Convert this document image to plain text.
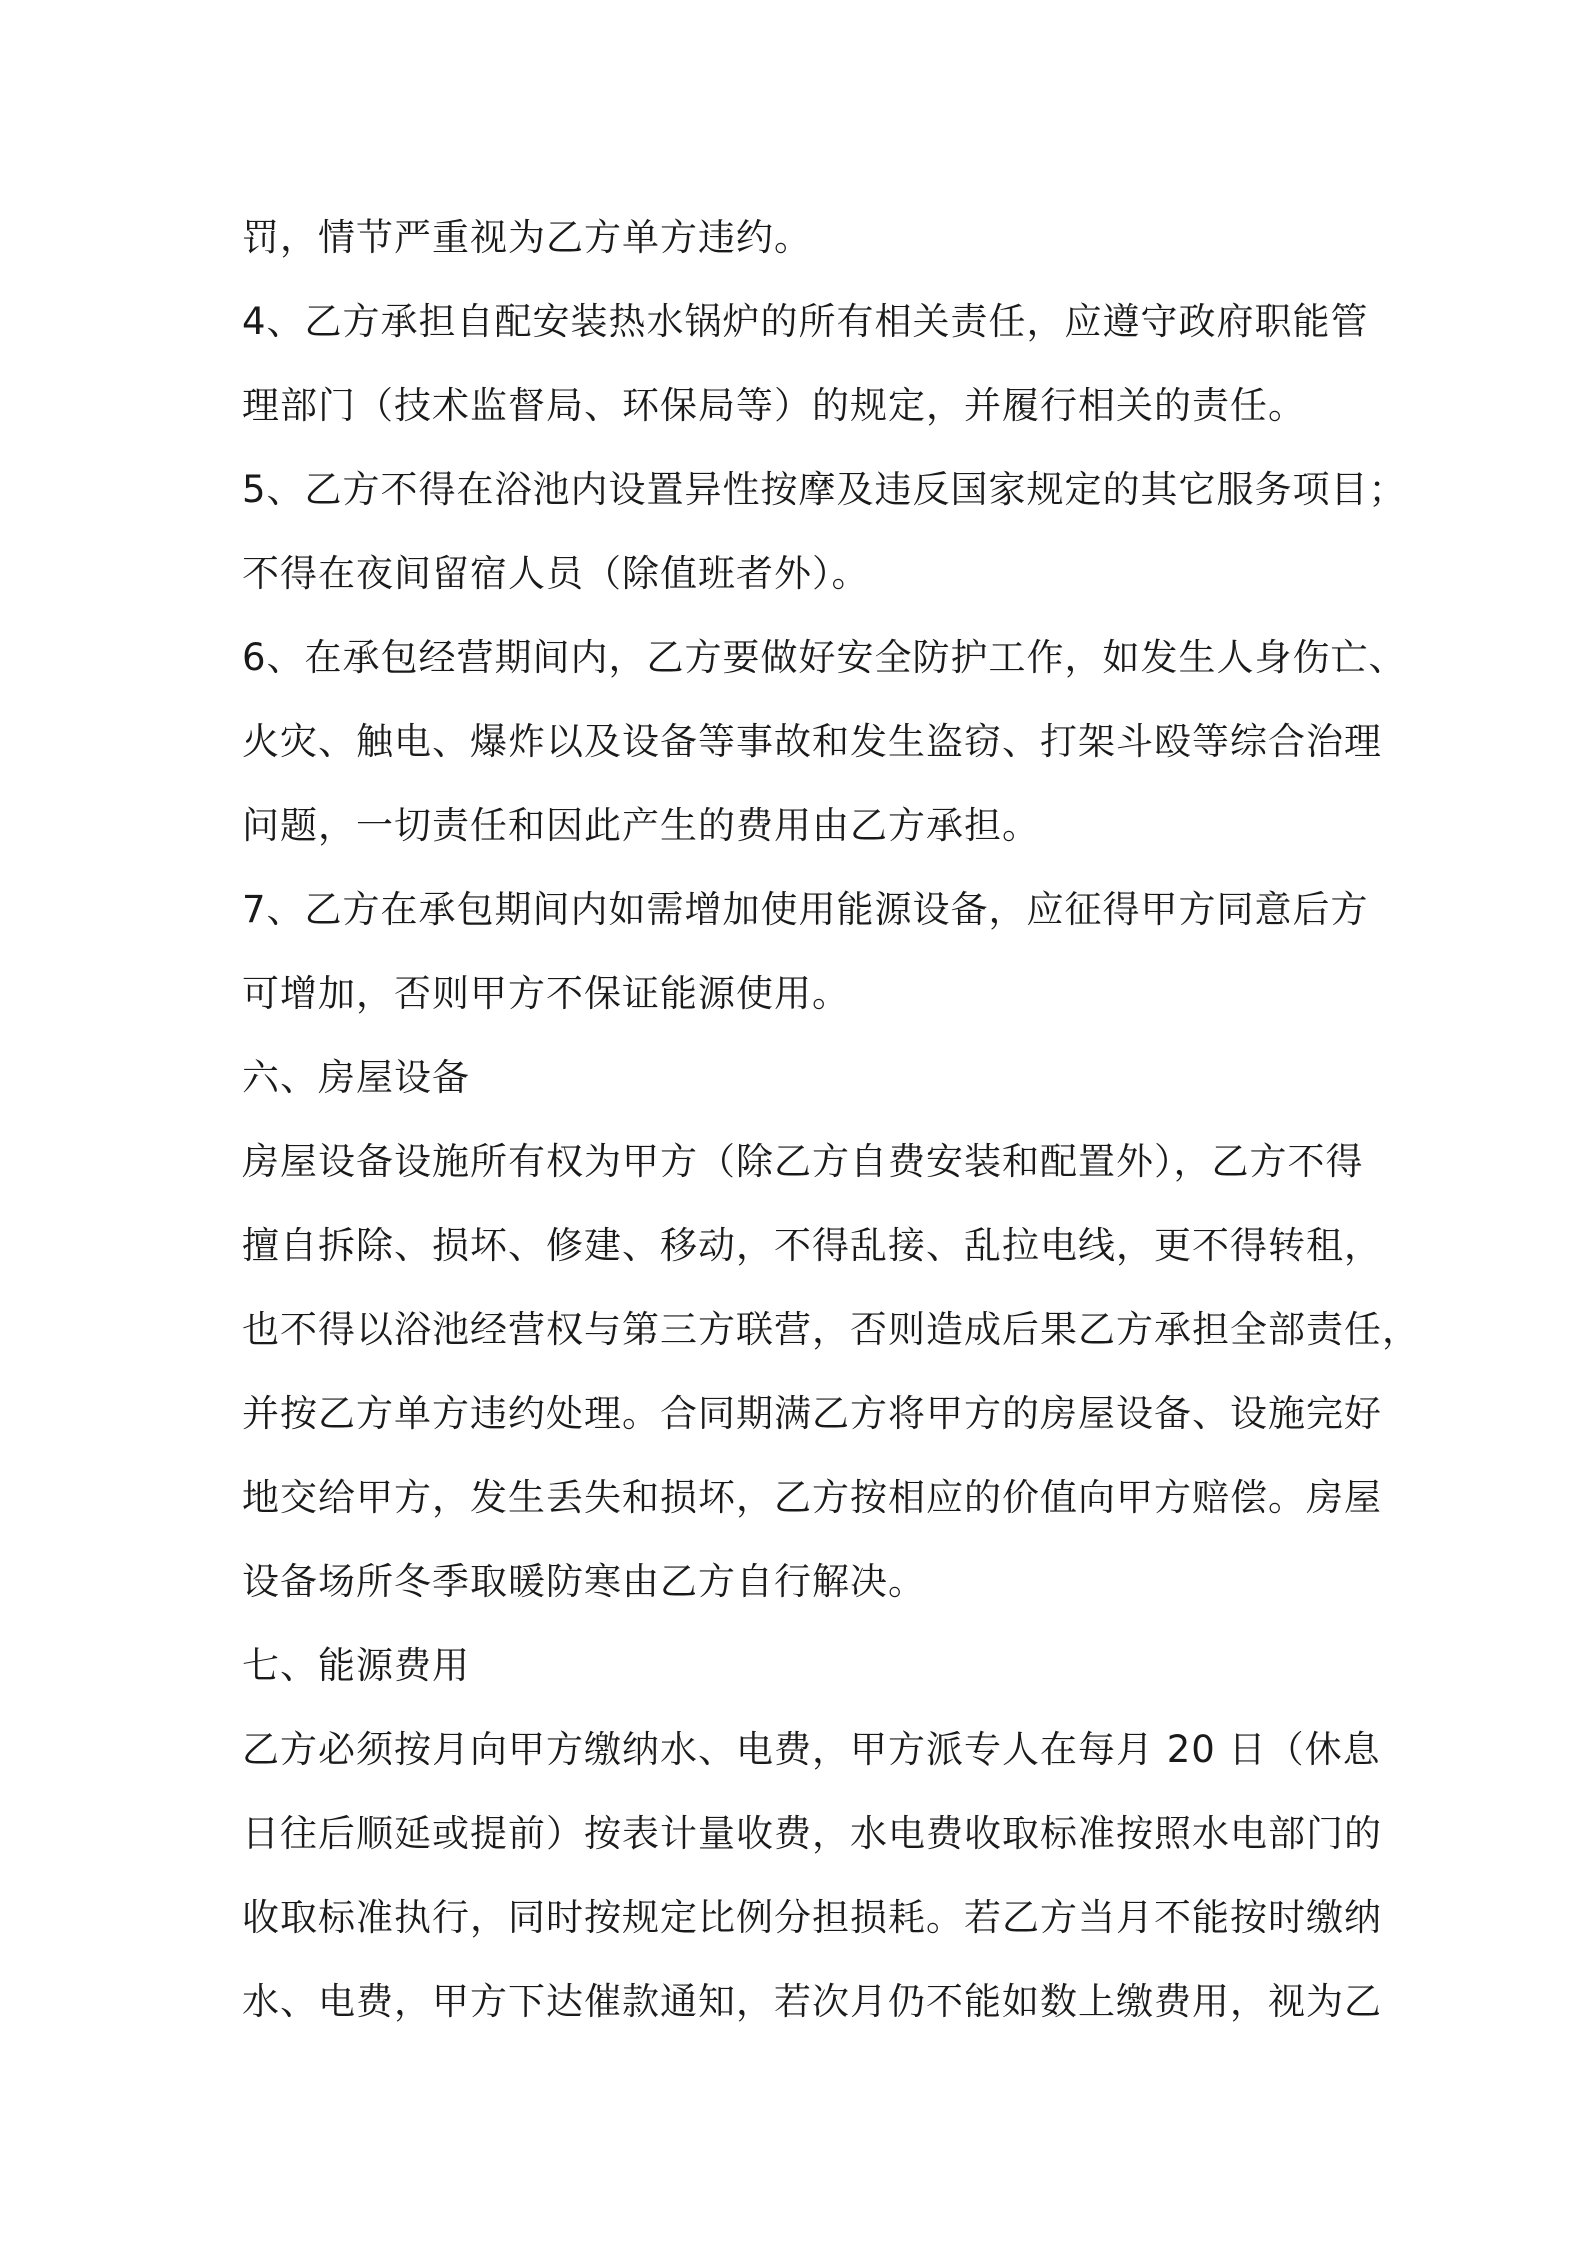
罚，情节严重视为乙方单方违约。
4、乙方承担自配安装热水锅炉的所有相关责任，应遵守政府职能管
理部门（技术监督局、环保局等）的规定，并履行相关的责任。
5、乙方不得在浴池内设置异性按摩及违反国家规定的其它服务项目；
不得在夜间留宿人员（除值班者外）。
6、在承包经营期间内，乙方要做好安全防护工作，如发生人身伤亡、
火灾、触电、爆炸以及设备等事故和发生盗窃、打架斗殴等综合治理
问题，一切责任和因此产生的费用由乙方承担。
7、乙方在承包期间内如需增加使用能源设备，应征得甲方同意后方
可增加，否则甲方不保证能源使用。
六、房屋设备
房屋设备设施所有权为甲方（除乙方自费安装和配置外），乙方不得
擅自拆除、损坏、修建、移动，不得乱接、乱拉电线，更不得转租，
也不得以浴池经营权与第三方联营，否则造成后果乙方承担全部责任，
并按乙方单方违约处理。合同期满乙方将甲方的房屋设备、设施完好
地交给甲方，发生丢失和损坏，乙方按相应的价值向甲方赔偿。房屋
设备场所冬季取暖防寒由乙方自行解决。
七、能源费用
乙方必须按月向甲方缴纳水、电费，甲方派专人在每月 20 日（休息
日往后顺延或提前）按表计量收费，水电费收取标准按照水电部门的
收取标准执行，同时按规定比例分担损耗。若乙方当月不能按时缴纳
水、电费，甲方下达催款通知，若次月仍不能如数上缴费用，视为乙
